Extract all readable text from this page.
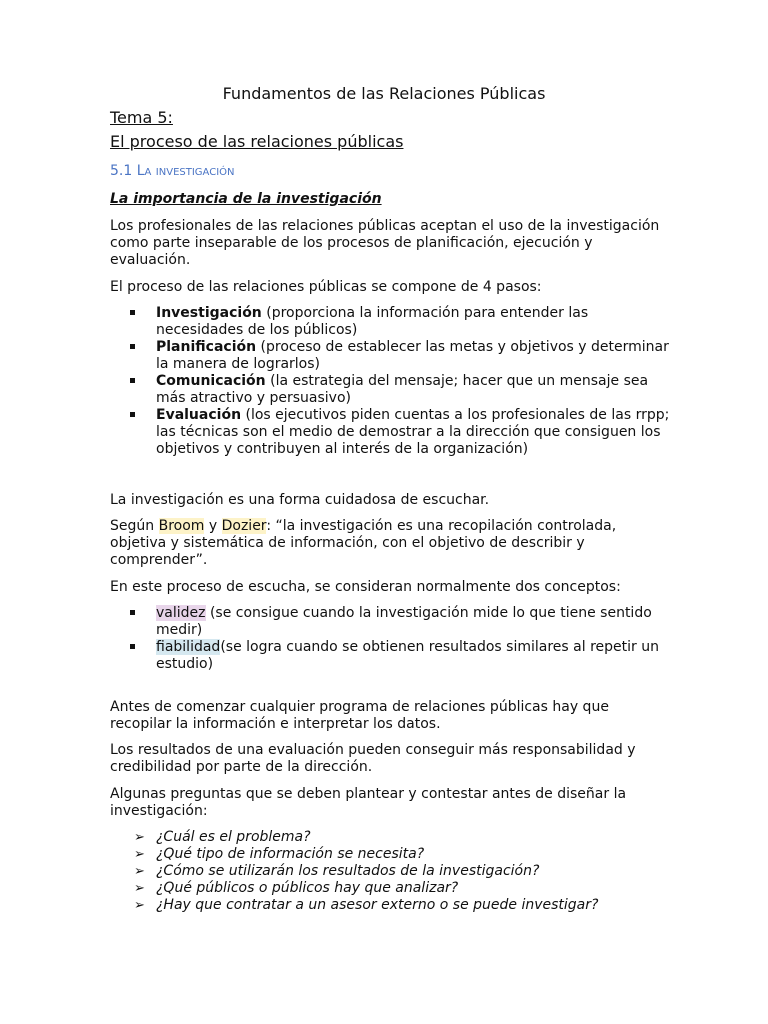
Fundamentos de las Relaciones Públicas
Tema 5:
El proceso de las relaciones públicas
5.1 La investigación
La importancia de la investigación
Los profesionales de las relaciones públicas aceptan el uso de la investigación como parte inseparable de los procesos de planificación, ejecución y evaluación.
El proceso de las relaciones públicas se compone de 4 pasos:
Investigación (proporciona la información para entender las necesidades de los públicos)
Planificación (proceso de establecer las metas y objetivos y determinar la manera de lograrlos)
Comunicación (la estrategia del mensaje; hacer que un mensaje sea más atractivo y persuasivo)
Evaluación (los ejecutivos piden cuentas a los profesionales de las rrpp; las técnicas son el medio de demostrar a la dirección que consiguen los objetivos y contribuyen al interés de la organización)
La investigación es una forma cuidadosa de escuchar.
Según Broom y Dozier: “la investigación es una recopilación controlada, objetiva y sistemática de información, con el objetivo de describir y comprender”.
En este proceso de escucha, se consideran normalmente dos conceptos:
validez (se consigue cuando la investigación mide lo que tiene sentido medir)
fiabilidad(se logra cuando se obtienen resultados similares al repetir un estudio)
Antes de comenzar cualquier programa de relaciones públicas hay que recopilar la información e interpretar los datos.
Los resultados de una evaluación pueden conseguir más responsabilidad y credibilidad por parte de la dirección.
Algunas preguntas que se deben plantear y contestar antes de diseñar la investigación:
➢ ¿Cuál es el problema?
➢ ¿Qué tipo de información se necesita?
➢ ¿Cómo se utilizarán los resultados de la investigación?
➢ ¿Qué públicos o públicos hay que analizar?
➢ ¿Hay que contratar a un asesor externo o se puede investigar?
